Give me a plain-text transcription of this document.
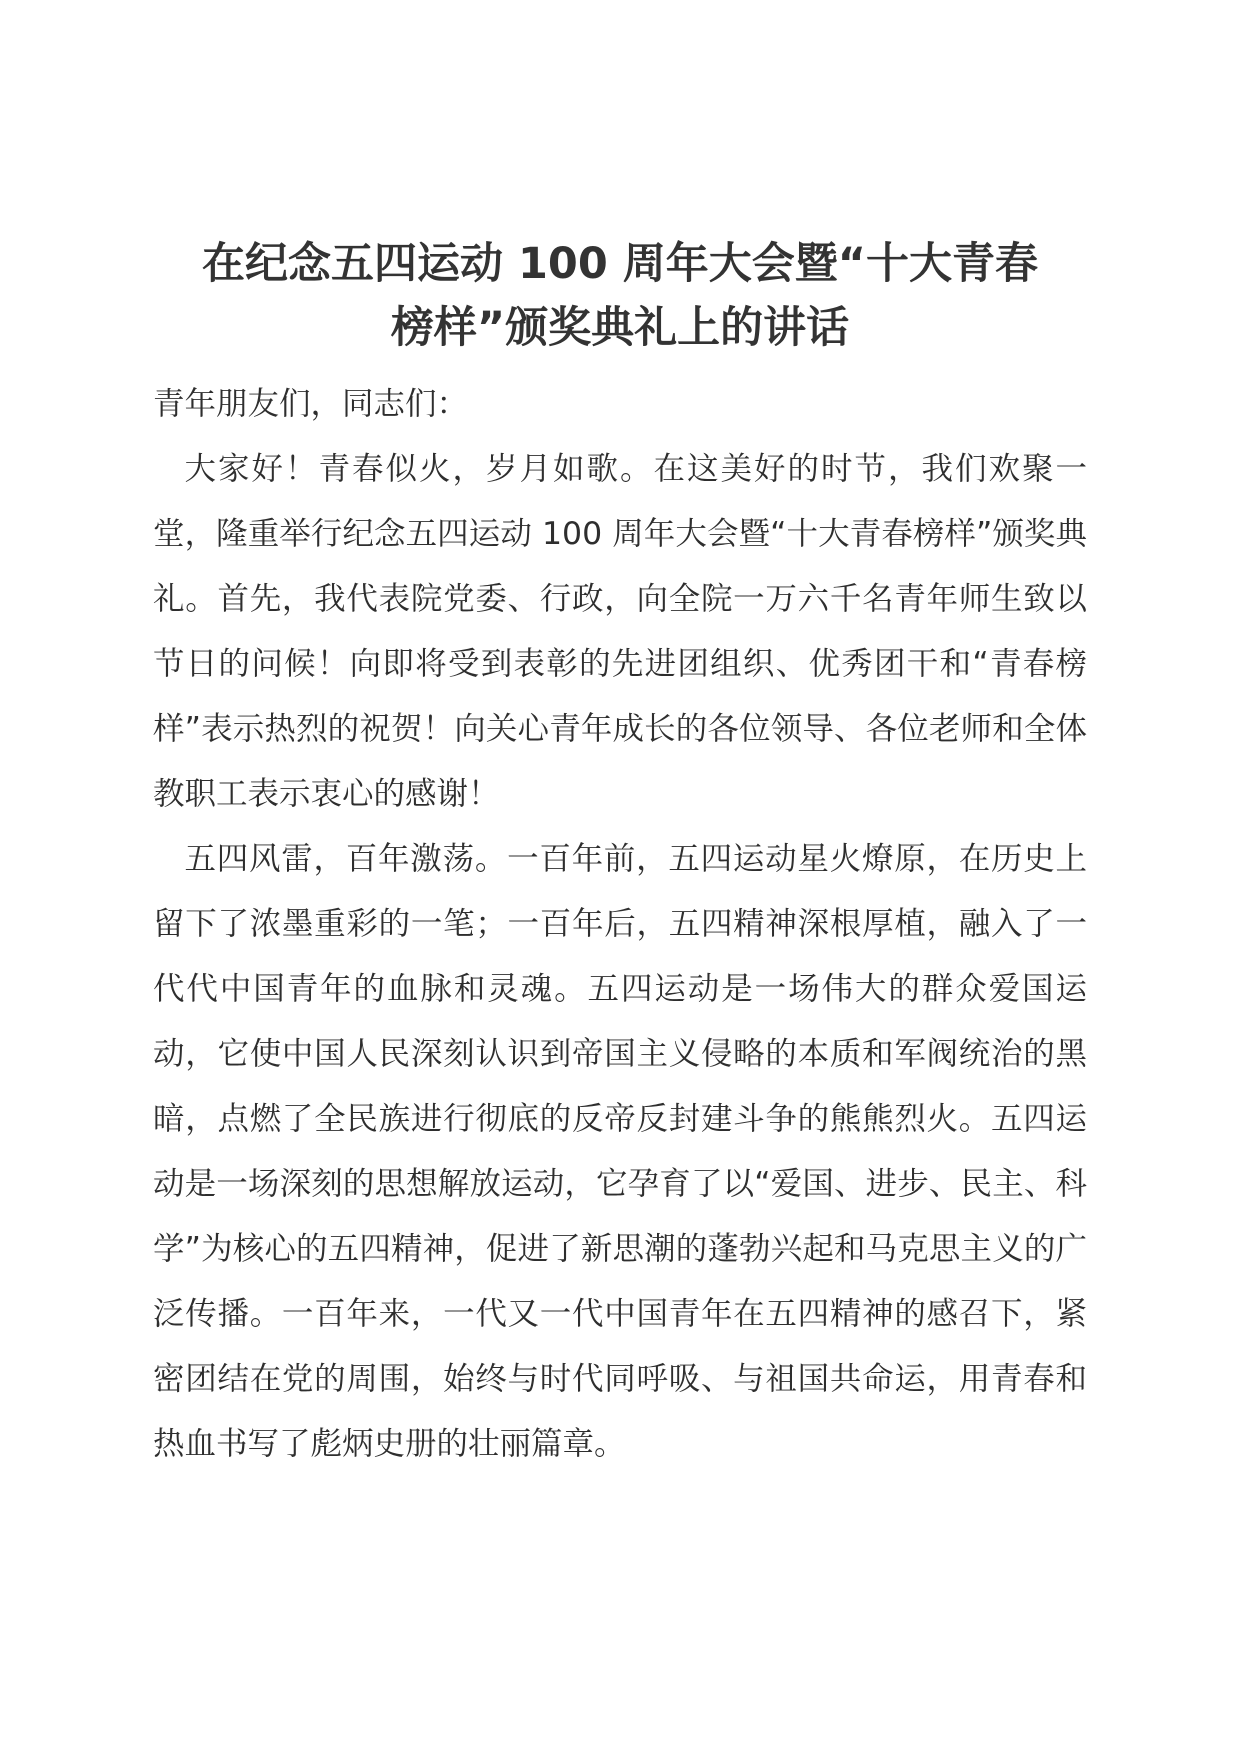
在纪念五四运动 100 周年大会暨“十大青春
榜样”颁奖典礼上的讲话

青年朋友们，同志们：

大家好！青春似火，岁月如歌。在这美好的时节，我们欢聚一堂，隆重举行纪念五四运动 100 周年大会暨“十大青春榜样”颁奖典礼。首先，我代表院党委、行政，向全院一万六千名青年师生致以节日的问候！向即将受到表彰的先进团组织、优秀团干和“青春榜样”表示热烈的祝贺！向关心青年成长的各位领导、各位老师和全体教职工表示衷心的感谢！

五四风雷，百年激荡。一百年前，五四运动星火燎原，在历史上留下了浓墨重彩的一笔；一百年后，五四精神深根厚植，融入了一代代中国青年的血脉和灵魂。五四运动是一场伟大的群众爱国运动，它使中国人民深刻认识到帝国主义侵略的本质和军阀统治的黑暗，点燃了全民族进行彻底的反帝反封建斗争的熊熊烈火。五四运动是一场深刻的思想解放运动，它孕育了以“爱国、进步、民主、科学”为核心的五四精神，促进了新思潮的蓬勃兴起和马克思主义的广泛传播。一百年来，一代又一代中国青年在五四精神的感召下，紧密团结在党的周围，始终与时代同呼吸、与祖国共命运，用青春和热血书写了彪炳史册的壮丽篇章。
